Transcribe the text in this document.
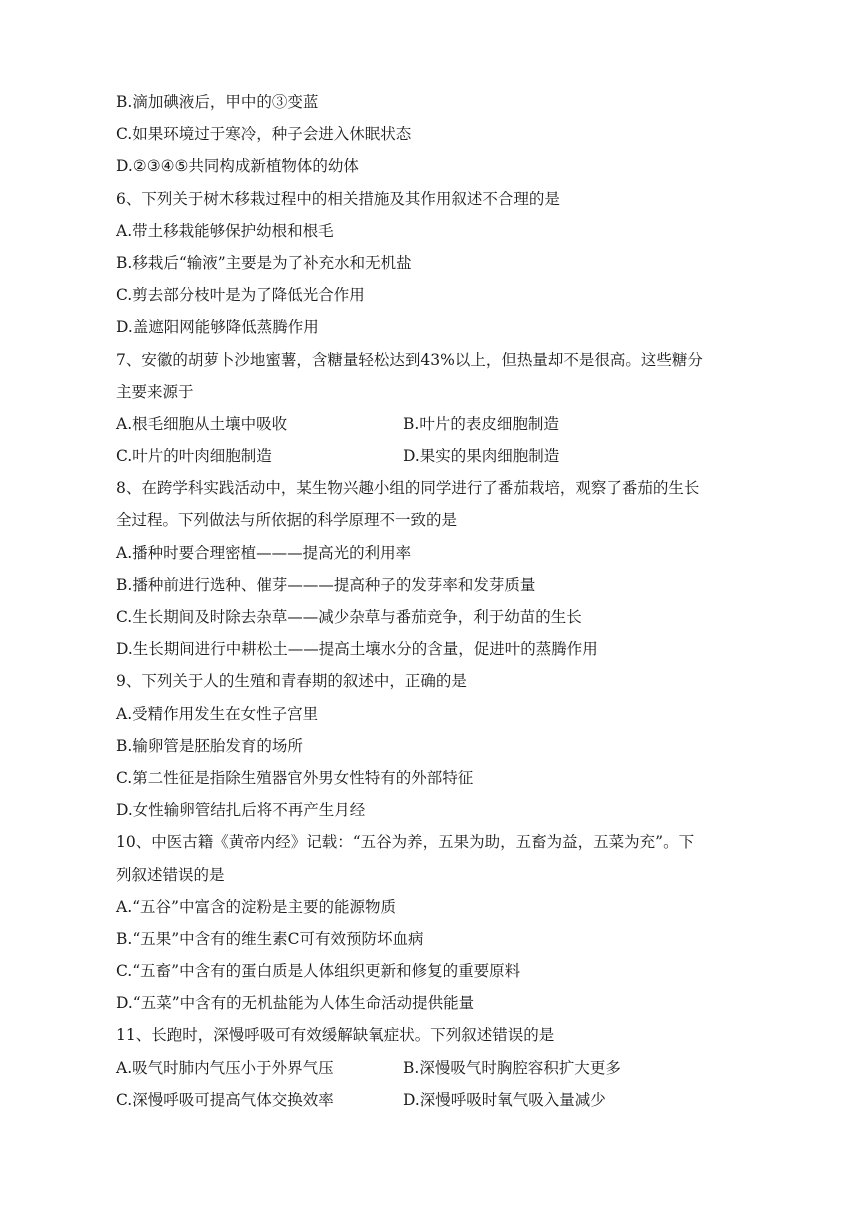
B.滴加碘液后，甲中的③变蓝
C.如果环境过于寒冷，种子会进入休眠状态
D.②③④⑤共同构成新植物体的幼体
6、下列关于树木移栽过程中的相关措施及其作用叙述不合理的是
A.带土移栽能够保护幼根和根毛
B.移栽后“输液”主要是为了补充水和无机盐
C.剪去部分枝叶是为了降低光合作用
D.盖遮阳网能够降低蒸腾作用
7、安徽的胡萝卜沙地蜜薯，含糖量轻松达到43%以上，但热量却不是很高。这些糖分
主要来源于
A.根毛细胞从土壤中吸收	B.叶片的表皮细胞制造
C.叶片的叶肉细胞制造	D.果实的果肉细胞制造
8、在跨学科实践活动中，某生物兴趣小组的同学进行了番茄栽培，观察了番茄的生长
全过程。下列做法与所依据的科学原理不一致的是
A.播种时要合理密植———提高光的利用率
B.播种前进行选种、催芽———提高种子的发芽率和发芽质量
C.生长期间及时除去杂草——减少杂草与番茄竞争，利于幼苗的生长
D.生长期间进行中耕松土——提高土壤水分的含量，促进叶的蒸腾作用
9、下列关于人的生殖和青春期的叙述中，正确的是
A.受精作用发生在女性子宫里
B.输卵管是胚胎发育的场所
C.第二性征是指除生殖器官外男女性特有的外部特征
D.女性输卵管结扎后将不再产生月经
10、中医古籍《黄帝内经》记载：“五谷为养，五果为助，五畜为益，五菜为充”。下
列叙述错误的是
A.“五谷”中富含的淀粉是主要的能源物质
B.“五果”中含有的维生素C可有效预防坏血病
C.“五畜”中含有的蛋白质是人体组织更新和修复的重要原料
D.“五菜”中含有的无机盐能为人体生命活动提供能量
11、长跑时，深慢呼吸可有效缓解缺氧症状。下列叙述错误的是
A.吸气时肺内气压小于外界气压	B.深慢吸气时胸腔容积扩大更多
C.深慢呼吸可提高气体交换效率	D.深慢呼吸时氧气吸入量减少
